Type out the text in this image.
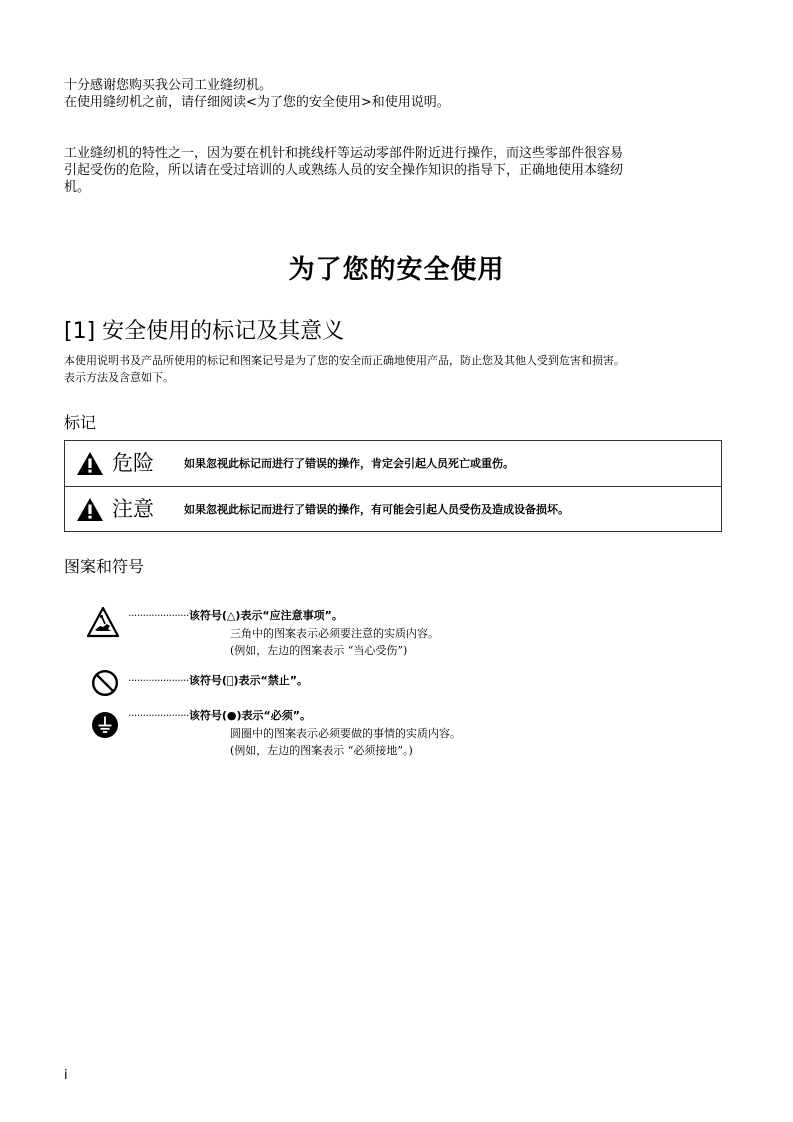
十分感谢您购买我公司工业缝纫机。

在使用缝纫机之前，请仔细阅读<为了您的安全使用>和使用说明。

工业缝纫机的特性之一，因为要在机针和挑线杆等运动零部件附近进行操作，而这些零部件很容易

引起受伤的危险，所以请在受过培训的人或熟练人员的安全操作知识的指导下，正确地使用本缝纫

机。

为了您的安全使用
[1] 安全使用的标记及其意义

本使用说明书及产品所使用的标记和图案记号是为了您的安全而正确地使用产品，防止您及其他人受到危害和损害。

表示方法及含意如下。

标记
危险	如果忽视此标记而进行了错误的操作，肯定会引起人员死亡或重伤。
注意	如果忽视此标记而进行了错误的操作，有可能会引起人员受伤及造成设备损坏。
图案和符号
·····················该符号(△)表示“应注意事项”。
三角中的图案表示必须要注意的实质内容。
(例如，左边的图案表示 “当心受伤”)
·····················该符号(⃠)表示“禁止”。
·····················该符号(●)表示“必须”。
圆圈中的图案表示必须要做的事情的实质内容。
(例如，左边的图案表示 “必须接地”。)
i
